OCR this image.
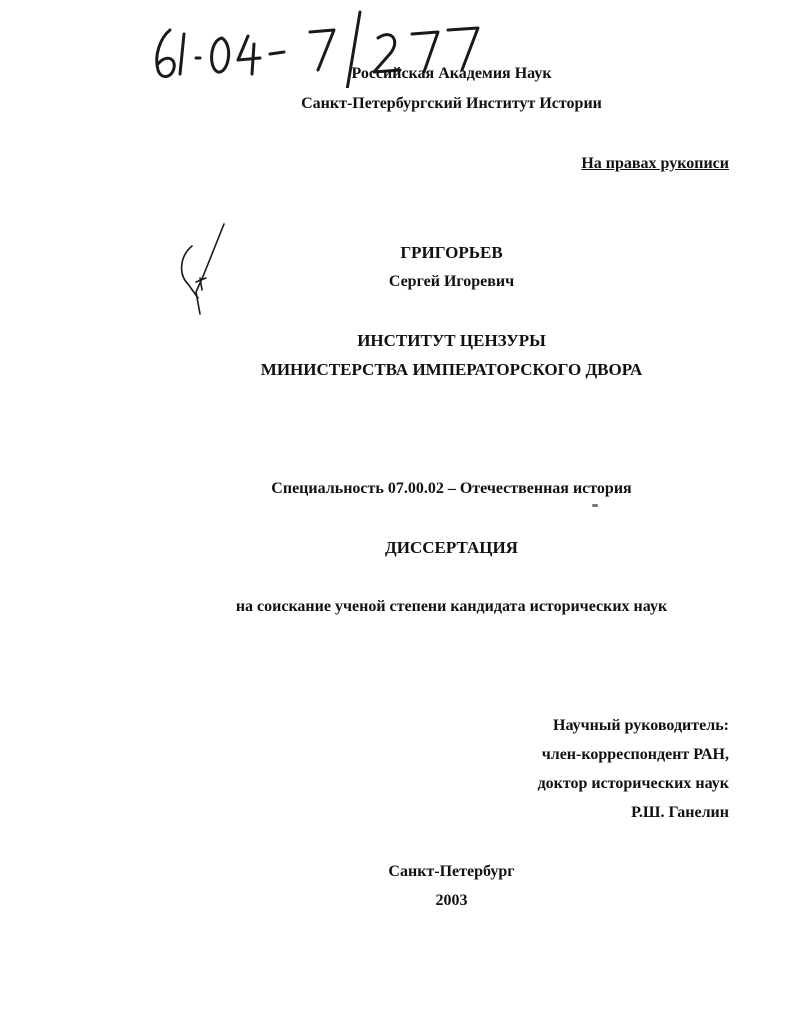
Российская Академия Наук
Санкт-Петербургский Институт Истории
На правах рукописи
ГРИГОРЬЕВ
Сергей Игоревич
ИНСТИТУТ ЦЕНЗУРЫ
МИНИСТЕРСТВА ИМПЕРАТОРСКОГО ДВОРА
Специальность 07.00.02 – Отечественная история
ДИССЕРТАЦИЯ
на соискание ученой степени кандидата исторических наук
Научный руководитель:
член-корреспондент РАН,
доктор исторических наук
Р.Ш. Ганелин
Санкт-Петербург
2003
